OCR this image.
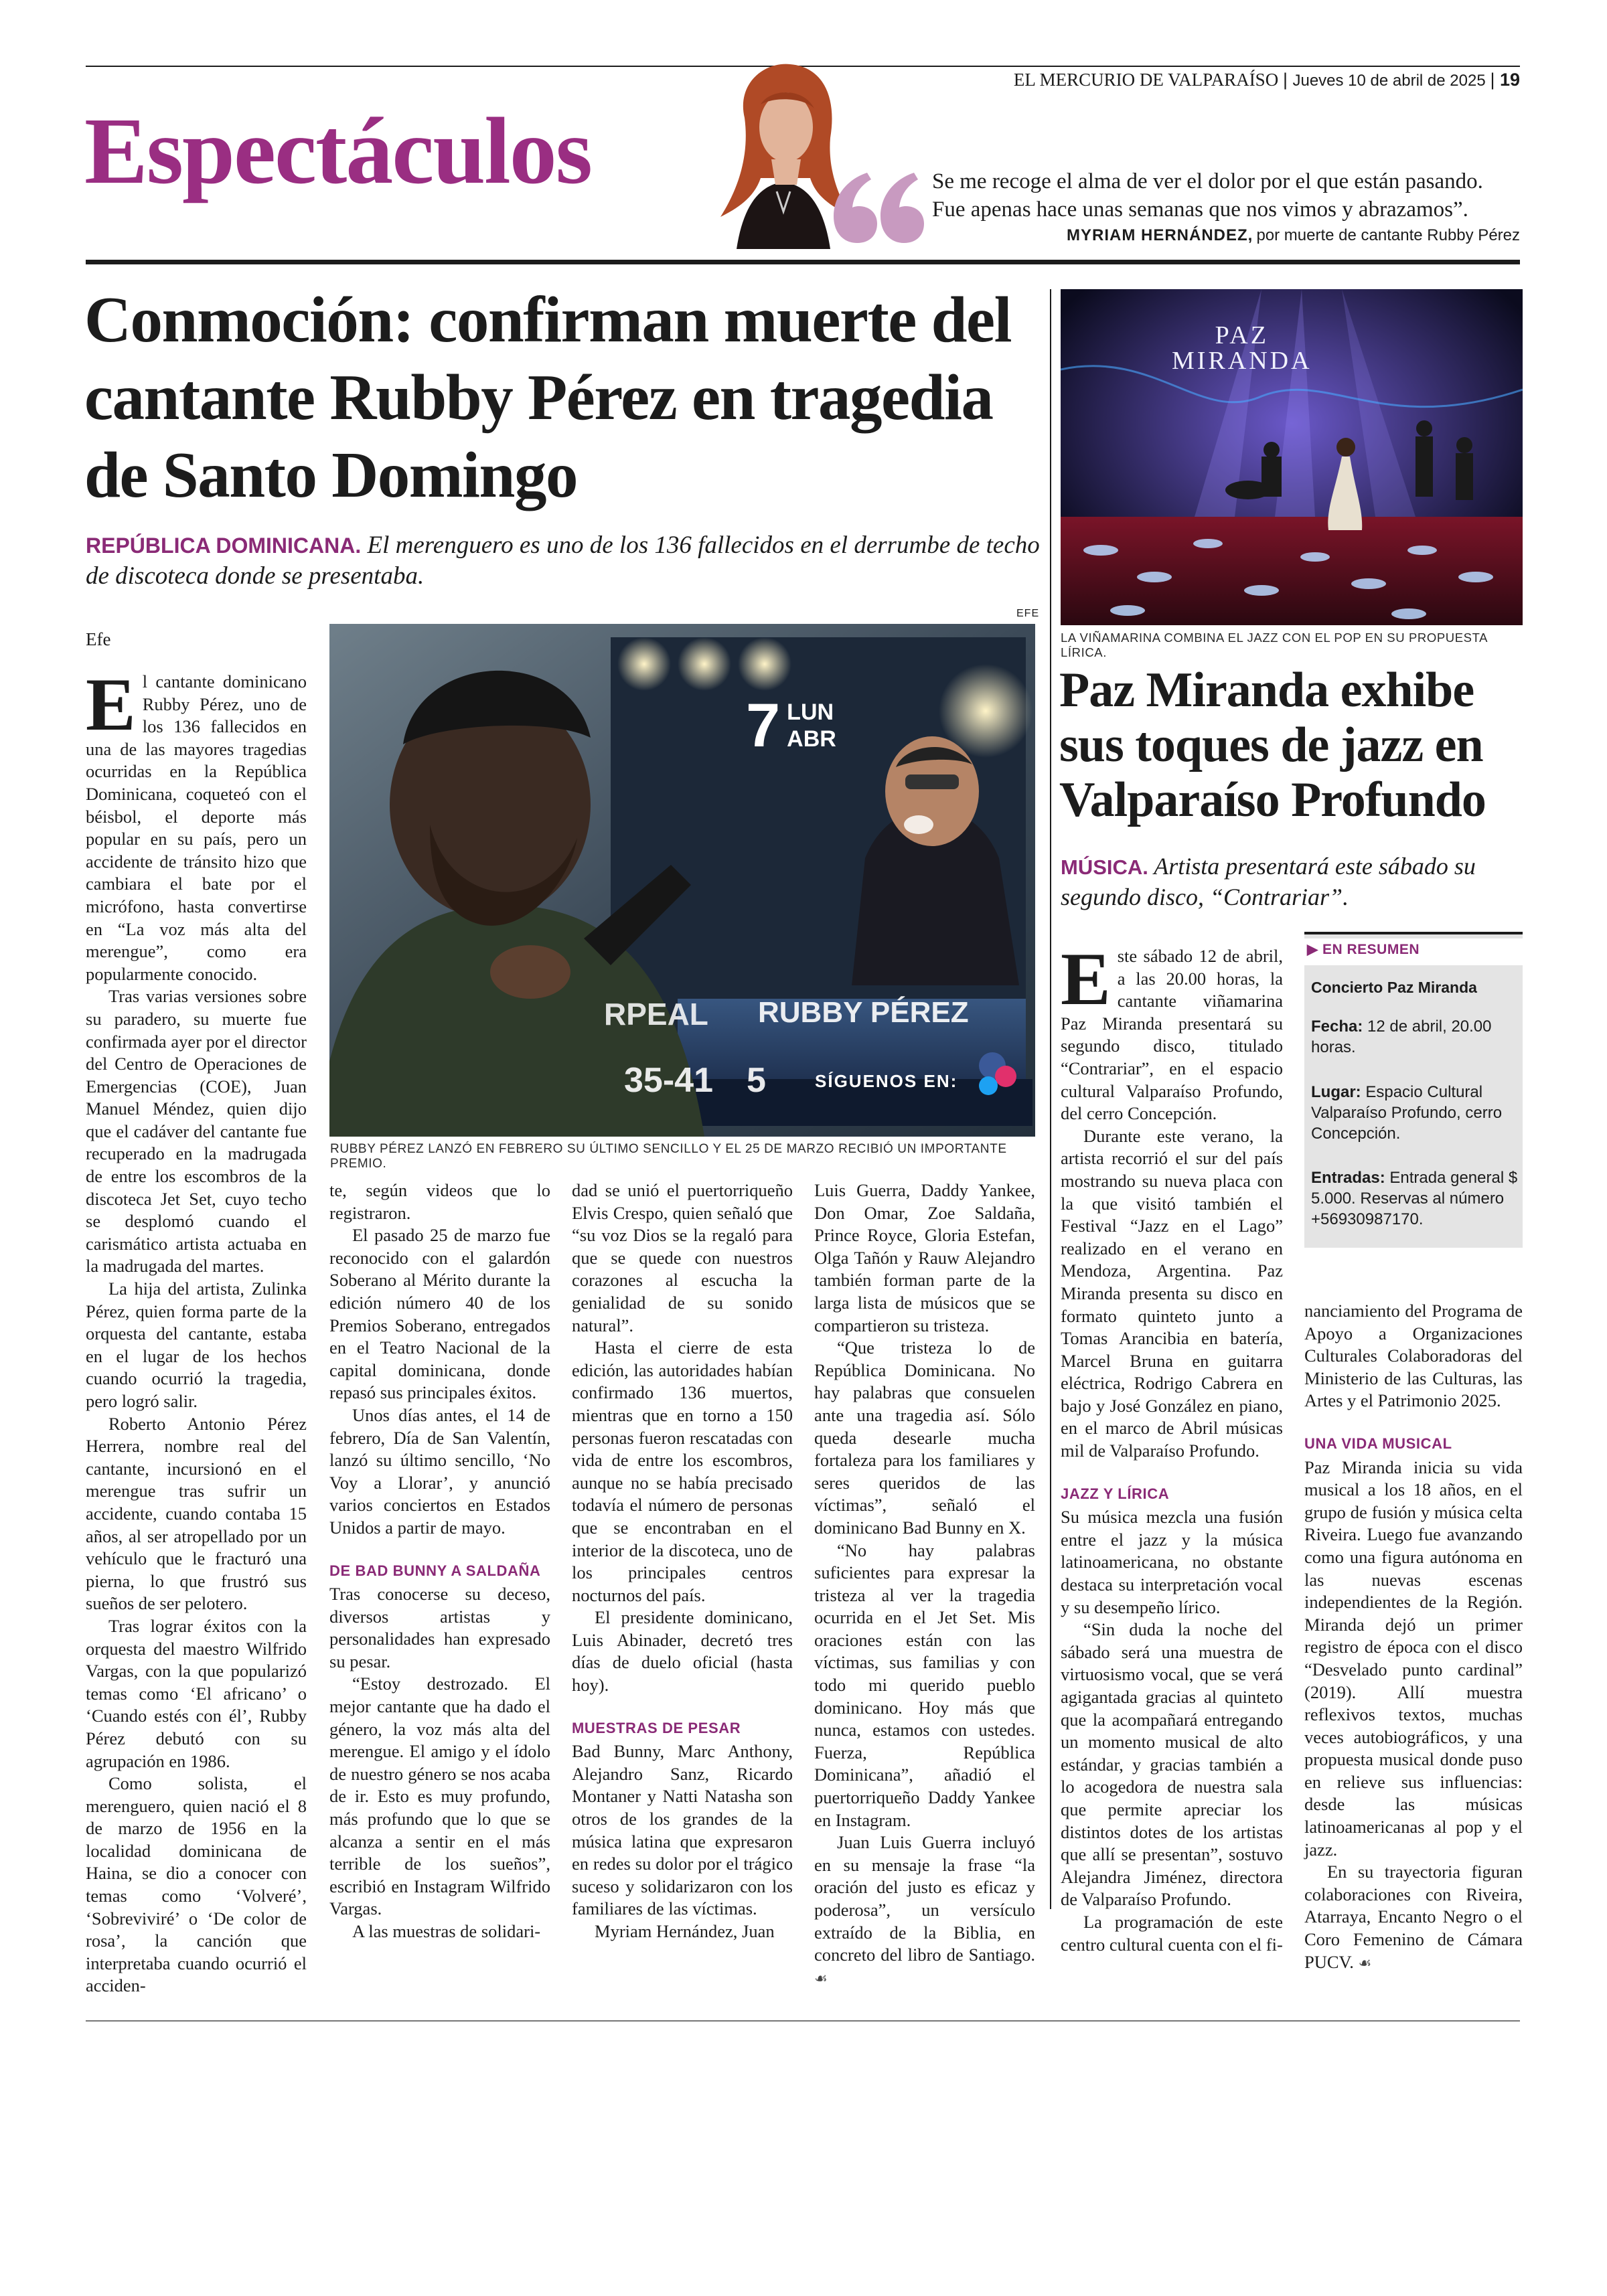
EL MERCURIO DE VALPARAÍSO | Jueves 10 de abril de 2025 | 19
Espectáculos	Se me recoge el alma de ver el dolor por el que están pasando. Fue apenas hace unas semanas que nos vimos y abrazamos”.
MYRIAM HERNÁNDEZ, por muerte de cantante Rubby Pérez
Conmoción: confirman muerte del cantante Rubby Pérez en tragedia de Santo Domingo
REPÚBLICA DOMINICANA. El merenguero es uno de los 136 fallecidos en el derrumbe de techo de discoteca donde se presentaba.
EFE
Efe
7 LUN
ABR
RPEAL RUBBY PÉREZ
35-41 5	SÍGUENOS EN:
RUBBY PÉREZ LANZÓ EN FEBRERO SU ÚLTIMO SENCILLO Y EL 25 DE MARZO RECIBIÓ UN IMPORTANTE PREMIO.
E l cantante dominicano Rubby Pérez, uno de los 136 fallecidos en una de las mayores tragedias ocurridas en la República Dominicana, coqueteó con el béisbol, el deporte más popular en su país, pero un accidente de tránsito hizo que cambiara el bate por el micrófono, hasta convertirse en “La voz más alta del merengue”, como era popularmente conocido.

Tras varias versiones sobre su paradero, su muerte fue confirmada ayer por el director del Centro de Operaciones de Emergencias (COE), Juan Manuel Méndez, quien dijo que el cadáver del cantante fue recuperado en la madrugada de entre los escombros de la discoteca Jet Set, cuyo techo se desplomó cuando el carismático artista actuaba en la madrugada del martes.

La hija del artista, Zulinka Pérez, quien forma parte de la orquesta del cantante, estaba en el lugar de los hechos cuando ocurrió la tragedia, pero logró salir.

Roberto Antonio Pérez Herrera, nombre real del cantante, incursionó en el merengue tras sufrir un accidente, cuando contaba 15 años, al ser atropellado por un vehículo que le fracturó una pierna, lo que frustró sus sueños de ser pelotero.

Tras lograr éxitos con la orquesta del maestro Wilfrido Vargas, con la que popularizó temas como ‘El africano’ o ‘Cuando estés con él’, Rubby Pérez debutó con su agrupación en 1986.

Como solista, el merenguero, quien nació el 8 de marzo de 1956 en la localidad dominicana de Haina, se dio a conocer con temas como ‘Volveré’, ‘Sobreviviré’ o ‘De color de rosa’, la canción que interpretaba cuando ocurrió el acciden-

te, según videos que lo registraron.

El pasado 25 de marzo fue reconocido con el galardón Soberano al Mérito durante la edición número 40 de los Premios Soberano, entregados en el Teatro Nacional de la capital dominicana, donde repasó sus principales éxitos.

Unos días antes, el 14 de febrero, Día de San Valentín, lanzó su último sencillo, ‘No Voy a Llorar’, y anunció varios conciertos en Estados Unidos a partir de mayo.

DE BAD BUNNY A SALDAÑA

Tras conocerse su deceso, diversos artistas y personalidades han expresado su pesar.

“Estoy destrozado. El mejor cantante que ha dado el género, la voz más alta del merengue. El amigo y el ídolo de nuestro género se nos acaba de ir. Esto es muy profundo, más profundo que lo que se alcanza a sentir en el más terrible de los sueños”, escribió en Instagram Wilfrido Vargas.

A las muestras de solidari-

dad se unió el puertorriqueño Elvis Crespo, quien señaló que “su voz Dios se la regaló para que se quede con nuestros corazones al escucha la genialidad de su sonido natural”.

Hasta el cierre de esta edición, las autoridades habían confirmado 136 muertos, mientras que en torno a 150 personas fueron rescatadas con vida de entre los escombros, aunque no se había precisado todavía el número de personas que se encontraban en el interior de la discoteca, uno de los principales centros nocturnos del país.

El presidente dominicano, Luis Abinader, decretó tres días de duelo oficial (hasta hoy).

MUESTRAS DE PESAR

Bad Bunny, Marc Anthony, Alejandro Sanz, Ricardo Montaner y Natti Natasha son otros de los grandes de la música latina que expresaron en redes su dolor por el trágico suceso y solidarizaron con los familiares de las víctimas.

Myriam Hernández, Juan

Luis Guerra, Daddy Yankee, Don Omar, Zoe Saldaña, Prince Royce, Gloria Estefan, Olga Tañón y Rauw Alejandro también forman parte de la larga lista de músicos que se compartieron su tristeza.

“Que tristeza lo de República Dominicana. No hay palabras que consuelen ante una tragedia así. Sólo queda desearle mucha fortaleza para los familiares y seres queridos de las víctimas”, señaló el dominicano Bad Bunny en X.

“No hay palabras suficientes para expresar la tristeza al ver la tragedia ocurrida en el Jet Set. Mis oraciones están con las víctimas, sus familias y con todo mi querido pueblo dominicano. Hoy más que nunca, estamos con ustedes. Fuerza, República Dominicana”, añadió el puertorriqueño Daddy Yankee en Instagram.

Juan Luis Guerra incluyó en su mensaje la frase “la oración del justo es eficaz y poderosa”, un versículo extraído de la Biblia, en concreto del libro de Santiago. ☙

PAZ
MIRANDA
LA VIÑAMARINA COMBINA EL JAZZ CON EL POP EN SU PROPUESTA LÍRICA.
Paz Miranda exhibe sus toques de jazz en Valparaíso Profundo
MÚSICA. Artista presentará este sábado su segundo disco, “Contrariar”.
E ste sábado 12 de abril, a las 20.00 horas, la cantante viñamarina Paz Miranda presentará su segundo disco, titulado “Contrariar”, en el espacio cultural Valparaíso Profundo, del cerro Concepción.

Durante este verano, la artista recorrió el sur del país mostrando su nueva placa con la que visitó también el Festival “Jazz en el Lago” realizado en el verano en Mendoza, Argentina. Paz Miranda presenta su disco en formato quinteto junto a Tomas Arancibia en batería, Marcel Bruna en guitarra eléctrica, Rodrigo Cabrera en bajo y José González en piano, en el marco de Abril músicas mil de Valparaíso Profundo.

JAZZ Y LÍRICA

Su música mezcla una fusión entre el jazz y la música latinoamericana, no obstante destaca su interpretación vocal y su desempeño lírico.

“Sin duda la noche del sábado será una muestra de virtuosismo vocal, que se verá agigantada gracias al quinteto que la acompañará entregando un momento musical de alto estándar, y gracias también a lo acogedora de nuestra sala que permite apreciar los distintos dotes de los artistas que allí se presentan”, sostuvo Alejandra Jiménez, directora de Valparaíso Profundo.

La programación de este centro cultural cuenta con el fi-

▶ EN RESUMEN
Concierto Paz Miranda
Fecha: 12 de abril, 20.00 horas.
Lugar: Espacio Cultural Valparaíso Profundo, cerro Concepción.
Entradas: Entrada general $ 5.000. Reservas al número +56930987170.

nanciamiento del Programa de Apoyo a Organizaciones Culturales Colaboradoras del Ministerio de las Culturas, las Artes y el Patrimonio 2025.

UNA VIDA MUSICAL

Paz Miranda inicia su vida musical a los 18 años, en el grupo de fusión y música celta Riveira. Luego fue avanzando como una figura autónoma en las nuevas escenas independientes de la Región. Miranda dejó un primer registro de época con el disco “Desvelado punto cardinal” (2019). Allí muestra reflexivos textos, muchas veces autobiográficos, y una propuesta musical donde puso en relieve sus influencias: desde las músicas latinoamericanas al pop y el jazz.

En su trayectoria figuran colaboraciones con Riveira, Atarraya, Encanto Negro o el Coro Femenino de Cámara PUCV. ☙
